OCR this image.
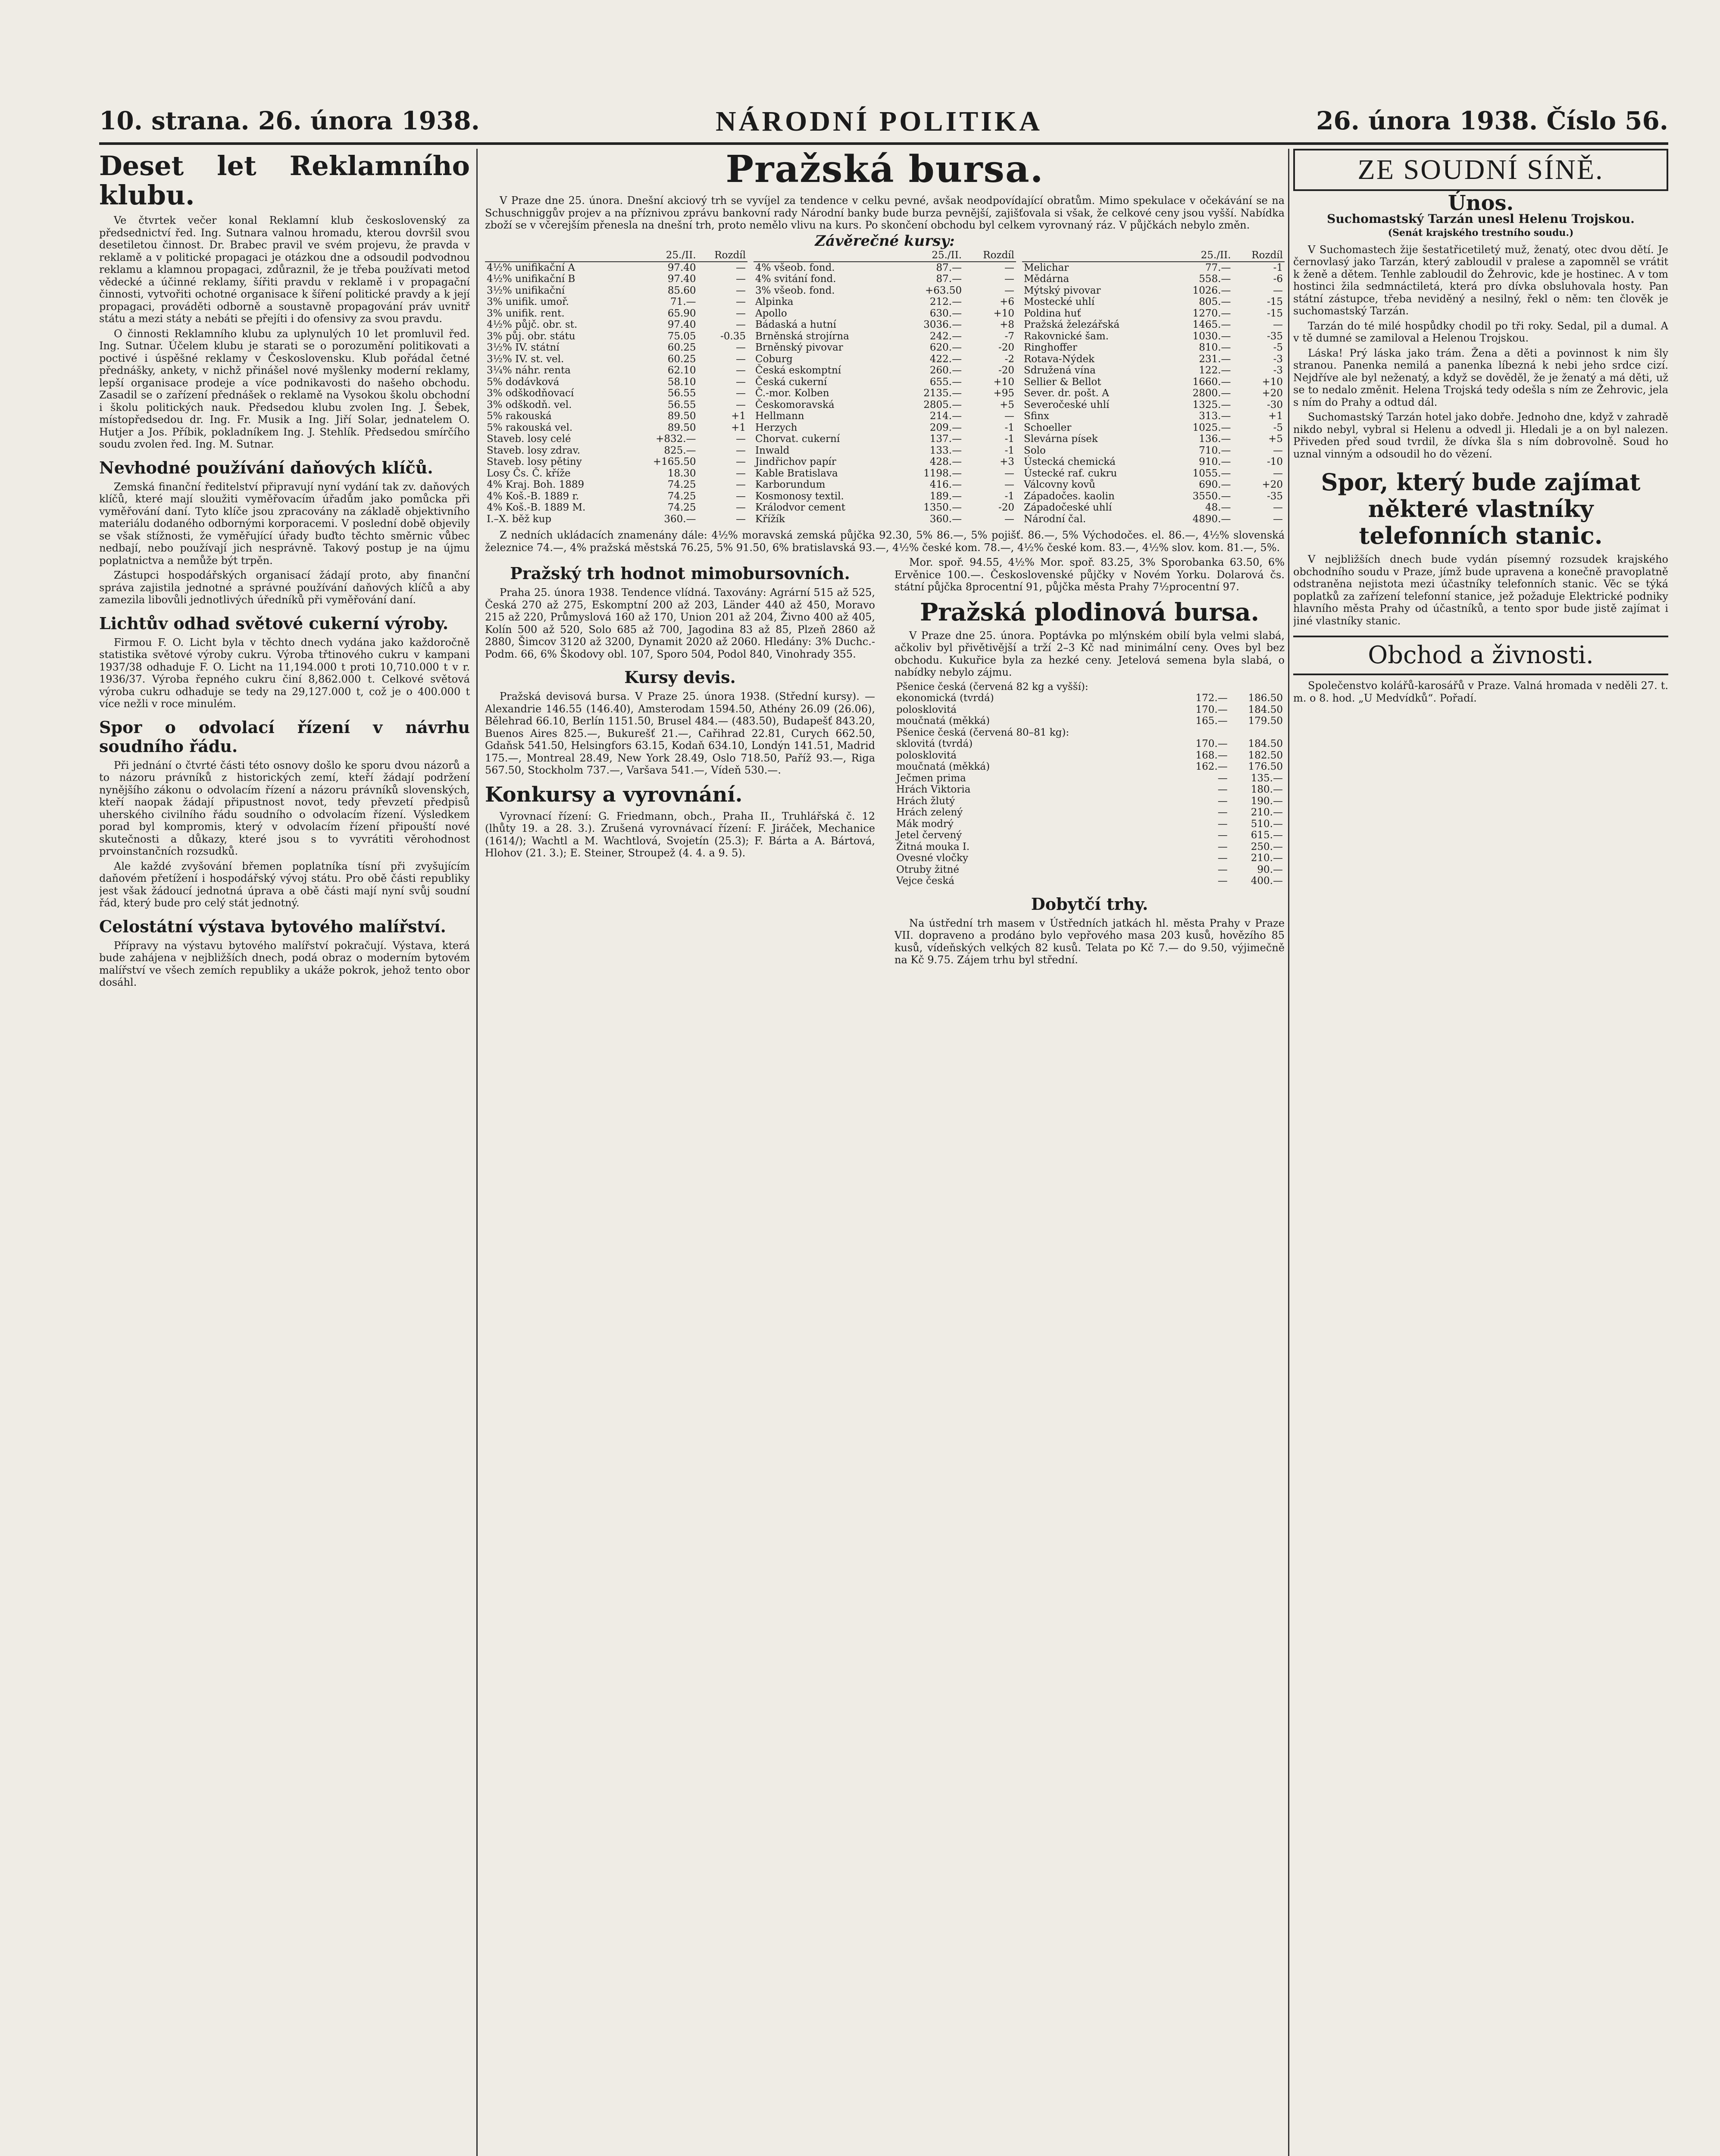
10. strana. 26. února 1938.	NÁRODNÍ POLITIKA	26. února 1938. Číslo 56.
Deset let Reklamního klubu.

Ve čtvrtek večer konal Reklamní klub československý za předsednictví řed. Ing. Sutnara valnou hromadu, kterou dovršil svou desetiletou činnost. Dr. Brabec pravil ve svém projevu, že pravda v reklamě a v politické propagaci je otázkou dne a odsoudil podvodnou reklamu a klamnou propagaci, zdůraznil, že je třeba používati metod vědecké a účinné reklamy, šířiti pravdu v reklamě i v propagační činnosti, vytvořiti ochotné organisace k šíření politické pravdy a k její propagaci, prováděti odborně a soustavně propagování práv uvnitř státu a mezi státy a nebáti se přejíti i do ofensivy za svou pravdu.

O činnosti Reklamního klubu za uplynulých 10 let promluvil řed. Ing. Sutnar. Účelem klubu je starati se o porozumění politikovati a poctivé i úspěšné reklamy v Československu. Klub pořádal četné přednášky, ankety, v nichž přinášel nové myšlenky moderní reklamy, lepší organisace prodeje a více podnikavosti do našeho obchodu. Zasadil se o zařízení přednášek o reklamě na Vysokou školu obchodní i školu politických nauk. Předsedou klubu zvolen Ing. J. Šebek, místopředsedou dr. Ing. Fr. Musik a Ing. Jiří Solar, jednatelem O. Hutjer a Jos. Příbik, pokladníkem Ing. J. Stehlík. Předsedou smírčího soudu zvolen řed. Ing. M. Sutnar.

Nevhodné používání daňových klíčů.

Zemská finanční ředitelství připravují nyní vydání tak zv. daňových klíčů, které mají sloužiti vyměřovacím úřadům jako pomůcka při vyměřování daní. Tyto klíče jsou zpracovány na základě objektivního materiálu dodaného odbornými korporacemi. V poslední době objevily se však stížnosti, že vyměřující úřady buďto těchto směrnic vůbec nedbají, nebo používají jich nesprávně. Takový postup je na újmu poplatnictva a nemůže být trpěn.

Zástupci hospodářských organisací žádají proto, aby finanční správa zajistila jednotné a správné používání daňových klíčů a aby zamezila libovůli jednotlivých úředníků při vyměřování daní.

Lichtův odhad světové cukerní výroby.

Firmou F. O. Licht byla v těchto dnech vydána jako každoročně statistika světové výroby cukru. Výroba třtinového cukru v kampani 1937/38 odhaduje F. O. Licht na 11,194.000 t proti 10,710.000 t v r. 1936/37. Výroba řepného cukru činí 8,862.000 t. Celkové světová výroba cukru odhaduje se tedy na 29,127.000 t, což je o 400.000 t více nežli v roce minulém.

Spor o odvolací řízení v návrhu soudního řádu.

Při jednání o čtvrté části této osnovy došlo ke sporu dvou názorů a to názoru právníků z historických zemí, kteří žádají podržení nynějšího zákonu o odvolacím řízení a názoru právníků slovenských, kteří naopak žádají připustnost novot, tedy převzetí předpisů uherského civilního řádu soudního o odvolacím řízení. Výsledkem porad byl kompromis, který v odvolacím řízení připouští nové skutečnosti a důkazy, které jsou s to vyvrátiti věrohodnost prvoinstančních rozsudků.

Ale každé zvyšování břemen poplatníka tísní při zvyšujícím daňovém přetížení i hospodářský vývoj státu. Pro obě části republiky jest však žádoucí jednotná úprava a obě části mají nyní svůj soudní řád, který bude pro celý stát jednotný.

Celostátní výstava bytového malířství.

Přípravy na výstavu bytového malířství pokračují. Výstava, která bude zahájena v nejbližších dnech, podá obraz o moderním bytovém malířství ve všech zemích republiky a ukáže pokrok, jehož tento obor dosáhl.

Pražská bursa.

V Praze dne 25. února. Dnešní akciový trh se vyvíjel za tendence v celku pevné, avšak neodpovídající obratům. Mimo spekulace v očekávání se na Schuschniggův projev a na příznivou zprávu bankovní rady Národní banky bude burza pevnější, zajišťovala si však, že celkové ceny jsou vyšší. Nabídka zboží se v včerejším přenesla na dnešní trh, proto nemělo vlivu na kurs. Po skončení obchodu byl celkem vyrovnaný ráz. V půjčkách nebylo změn.

Závěrečné kursy:
	25./II.	Rozdíl
4½% unifikační A	97.40	—
4½% unifikační B	97.40	—
3½% unifikační	85.60	—
3% unifik. umoř.	71.—	—
3% unifik. rent.	65.90	—
4½% půjč. obr. st.	97.40	—
3% půj. obr. státu	75.05	-0.35
3½% IV. státní	60.25	—
3½% IV. st. vel.	60.25	—
3¼% náhr. renta	62.10	—
5% dodávková	58.10	—
3% odškodňovací	56.55	—
3% odškodň. vel.	56.55	—
5% rakouská	89.50	+1
5% rakouská vel.	89.50	+1
Staveb. losy celé	+832.—	—
Staveb. losy zdrav.	825.—	—
Staveb. losy pětiny	+165.50	—
Losy Čs. Č. kříže	18.30	—
4% Kraj. Boh. 1889	74.25	—
4% Koš.-B. 1889 r.	74.25	—
4% Koš.-B. 1889 M.	74.25	—
I.–X. běž kup	360.—	—
	25./II.	Rozdíl
4% všeob. fond.	87.—	—
4% svitání fond.	87.—	—
3% všeob. fond.	+63.50	—
Alpinka	212.—	+6
Apollo	630.—	+10
Bádaská a hutní	3036.—	+8
Brněnská strojírna	242.—	-7
Brněnský pivovar	620.—	-20
Coburg	422.—	-2
Česká eskomptní	260.—	-20
Česká cukerní	655.—	+10
Č.-mor. Kolben	2135.—	+95
Českomoravská	2805.—	+5
Hellmann	214.—	—
Herzych	209.—	-1
Chorvat. cukerní	137.—	-1
Inwald	133.—	-1
Jindřichov papír	428.—	+3
Kable Bratislava	1198.—	—
Karborundum	416.—	—
Kosmonosy textil.	189.—	-1
Králodvor cement	1350.—	-20
Křížík	360.—	—
	25./II.	Rozdíl
Melichar	77.—	-1
Mědárna	558.—	-6
Mýtský pivovar	1026.—	—
Mostecké uhlí	805.—	-15
Poldina huť	1270.—	-15
Pražská železářská	1465.—	—
Rakovnické šam.	1030.—	-35
Ringhoffer	810.—	-5
Rotava-Nýdek	231.—	-3
Sdružená vína	122.—	-3
Sellier & Bellot	1660.—	+10
Sever. dr. pošt. A	2800.—	+20
Severočeské uhlí	1325.—	-30
Sfinx	313.—	+1
Schoeller	1025.—	-5
Slevárna písek	136.—	+5
Solo	710.—	—
Ústecká chemická	910.—	-10
Ústecké raf. cukru	1055.—	—
Válcovny kovů	690.—	+20
Západočes. kaolin	3550.—	-35
Západočeské uhlí	48.—	—
Národní čal.	4890.—	—

Z nedních ukládacích znamenány dále: 4½% moravská zemská půjčka 92.30, 5% 86.—, 5% pojišť. 86.—, 5% Východočes. el. 86.—, 4½% slovenská železnice 74.—, 4% pražská městská 76.25, 5% 91.50, 6% bratislavská 93.—, 4½% české kom. 78.—, 4½% české kom. 83.—, 4½% slov. kom. 81.—, 5%.

Pražský trh hodnot mimobursovních.

Praha 25. února 1938. Tendence vlídná. Taxovány: Agrární 515 až 525, Česká 270 až 275, Eskomptní 200 až 203, Länder 440 až 450, Moravo 215 až 220, Průmyslová 160 až 170, Union 201 až 204, Živno 400 až 405, Kolín 500 až 520, Solo 685 až 700, Jagodina 83 až 85, Plzeň 2860 až 2880, Šimcov 3120 až 3200, Dynamit 2020 až 2060. Hledány: 3% Duchc.-Podm. 66, 6% Škodovy obl. 107, Sporo 504, Podol 840, Vinohrady 355.

Kursy devis.

Pražská devisová bursa. V Praze 25. února 1938. (Střední kursy). — Alexandrie 146.55 (146.40), Amsterodam 1594.50, Athény 26.09 (26.06), Bělehrad 66.10, Berlín 1151.50, Brusel 484.— (483.50), Budapešť 843.20, Buenos Aires 825.—, Bukurešť 21.—, Cařihrad 22.81, Curych 662.50, Gdaňsk 541.50, Helsingfors 63.15, Kodaň 634.10, Londýn 141.51, Madrid 175.—, Montreal 28.49, New York 28.49, Oslo 718.50, Paříž 93.—, Riga 567.50, Stockholm 737.—, Varšava 541.—, Vídeň 530.—.

Konkursy a vyrovnání.

Vyrovnací řízení: G. Friedmann, obch., Praha II., Truhlářská č. 12 (lhůty 19. a 28. 3.). Zrušená vyrovnávací řízení: F. Jiráček, Mechanice (1614/); Wachtl a M. Wachtlová, Svojetín (25.3); F. Bárta a A. Bártová, Hlohov (21. 3.); E. Steiner, Stroupež (4. 4. a 9. 5).

Mor. spoř. 94.55, 4½% Mor. spoř. 83.25, 3% Sporobanka 63.50, 6% Ervěnice 100.—. Československé půjčky v Novém Yorku. Dolarová čs. státní půjčka 8procentní 91, půjčka města Prahy 7½procentní 97.

Pražská plodinová bursa.

V Praze dne 25. února. Poptávka po mlýnském obilí byla velmi slabá, ačkoliv byl přivětivější a trží 2–3 Kč nad minimální ceny. Oves byl bez obchodu. Kukuřice byla za hezké ceny. Jetelová semena byla slabá, o nabídky nebylo zájmu.

Pšenice česká (červená 82 kg a vyšší):		
ekonomická (tvrdá)	172.—	186.50
polosklovitá	170.—	184.50
moučnatá (měkká)	165.—	179.50
Pšenice česká (červená 80–81 kg):		
sklovitá (tvrdá)	170.—	184.50
polosklovitá	168.—	182.50
moučnatá (měkká)	162.—	176.50
Ječmen prima	—	135.—
Hrách Viktoria	—	180.—
Hrách žlutý	—	190.—
Hrách zelený	—	210.—
Mák modrý	—	510.—
Jetel červený	—	615.—
Žitná mouka I.	—	250.—
Ovesné vločky	—	210.—
Otruby žitné	—	90.—
Vejce česká	—	400.—
Dobytčí trhy.

Na ústřední trh masem v Ústředních jatkách hl. města Prahy v Praze VII. dopraveno a prodáno bylo vepřového masa 203 kusů, hovězího 85 kusů, vídeňských velkých 82 kusů. Telata po Kč 7.— do 9.50, výjimečně na Kč 9.75. Zájem trhu byl střední.

ZE SOUDNÍ SÍNĚ.
Únos.
Suchomastský Tarzán unesl Helenu Trojskou.
(Senát krajského trestního soudu.)

V Suchomastech žije šestatřicetiletý muž, ženatý, otec dvou dětí. Je černovlasý jako Tarzán, který zabloudil v pralese a zapomněl se vrátit k ženě a dětem. Tenhle zabloudil do Žehrovic, kde je hostinec. A v tom hostinci žila sedmnáctiletá, která pro dívka obsluhovala hosty. Pan státní zástupce, třeba neviděný a nesilný, řekl o něm: ten člověk je suchomastský Tarzán.

Tarzán do té milé hospůdky chodil po tři roky. Sedal, pil a dumal. A v tě dumné se zamiloval a Helenou Trojskou.

Láska! Prý láska jako trám. Žena a děti a povinnost k nim šly stranou. Panenka nemilá a panenka líbezná k nebi jeho srdce cizí. Nejdříve ale byl neženatý, a když se dověděl, že je ženatý a má děti, už se to nedalo změnit. Helena Trojská tedy odešla s ním ze Žehrovic, jela s ním do Prahy a odtud dál.

Suchomastský Tarzán hotel jako dobře. Jednoho dne, když v zahradě nikdo nebyl, vybral si Helenu a odvedl ji. Hledali je a on byl nalezen. Přiveden před soud tvrdil, že dívka šla s ním dobrovolně. Soud ho uznal vinným a odsoudil ho do vězení.

Spor, který bude zajímat některé vlastníky telefonních stanic.

V nejbližších dnech bude vydán písemný rozsudek krajského obchodního soudu v Praze, jímž bude upravena a konečně pravoplatně odstraněna nejistota mezi účastníky telefonních stanic. Věc se týká poplatků za zařízení telefonní stanice, jež požaduje Elektrické podniky hlavního města Prahy od účastníků, a tento spor bude jistě zajímat i jiné vlastníky stanic.

Obchod a živnosti.

Společenstvo kolářů-karosářů v Praze. Valná hromada v neděli 27. t. m. o 8. hod. „U Medvídků“. Pořadí.
